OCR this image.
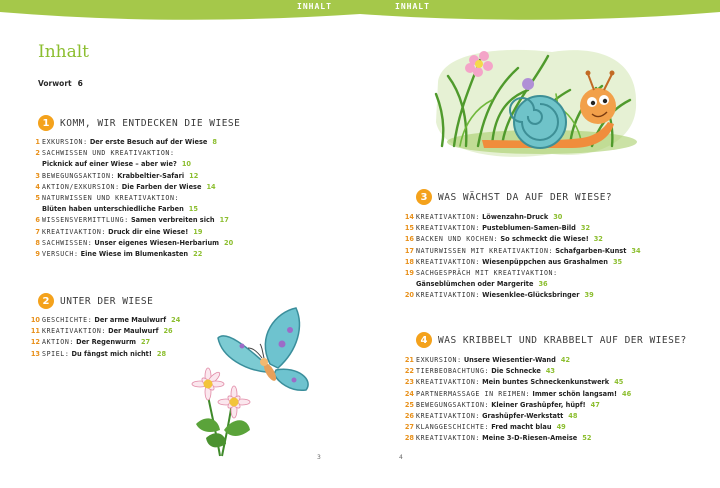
INHALT	INHALT
Inhalt
Vorwort 6
1	KOMM, WIR ENTDECKEN DIE WIESE
1 EXKURSION: Der erste Besuch auf der Wiese 8
2 SACHWISSEN UND KREATIVAKTION:
Picknick auf einer Wiese – aber wie? 10
3 BEWEGUNGSAKTION: Krabbeltier-Safari 12
4 AKTION/EXKURSION: Die Farben der Wiese 14
5 NATURWISSEN UND KREATIVAKTION:
Blüten haben unterschiedliche Farben 15
6 WISSENSVERMITTLUNG: Samen verbreiten sich 17
7 KREATIVAKTION: Druck dir eine Wiese! 19
8 SACHWISSEN: Unser eigenes Wiesen-Herbarium 20
9 VERSUCH: Eine Wiese im Blumenkasten 22
2	UNTER DER WIESE
10 GESCHICHTE: Der arme Maulwurf 24
11 KREATIVAKTION: Der Maulwurf 26
12 AKTION: Der Regenwurm 27
13 SPIEL: Du fängst mich nicht! 28
3	WAS WÄCHST DA AUF DER WIESE?
14 KREATIVAKTION: Löwenzahn-Druck 30
15 KREATIVAKTION: Pusteblumen-Samen-Bild 32
16 BACKEN UND KOCHEN: So schmeckt die Wiese! 32
17 NATURWISSEN MIT KREATIVAKTION: Schafgarben-Kunst 34
18 KREATIVAKTION: Wiesenpüppchen aus Grashalmen 35
19 SACHGESPRÄCH MIT KREATIVAKTION:
Gänseblümchen oder Margerite 36
20 KREATIVAKTION: Wiesenklee-Glücksbringer 39
4	WAS KRIBBELT UND KRABBELT AUF DER WIESE?
21 EXKURSION: Unsere Wiesentier-Wand 42
22 TIERBEOBACHTUNG: Die Schnecke 43
23 KREATIVAKTION: Mein buntes Schneckenkunstwerk 45
24 PARTNERMASSAGE IN REIMEN: Immer schön langsam! 46
25 BEWEGUNGSAKTION: Kleiner Grashüpfer, hüpf! 47
26 KREATIVAKTION: Grashüpfer-Werkstatt 48
27 KLANGGESCHICHTE: Fred macht blau 49
28 KREATIVAKTION: Meine 3-D-Riesen-Ameise 52
3	4
